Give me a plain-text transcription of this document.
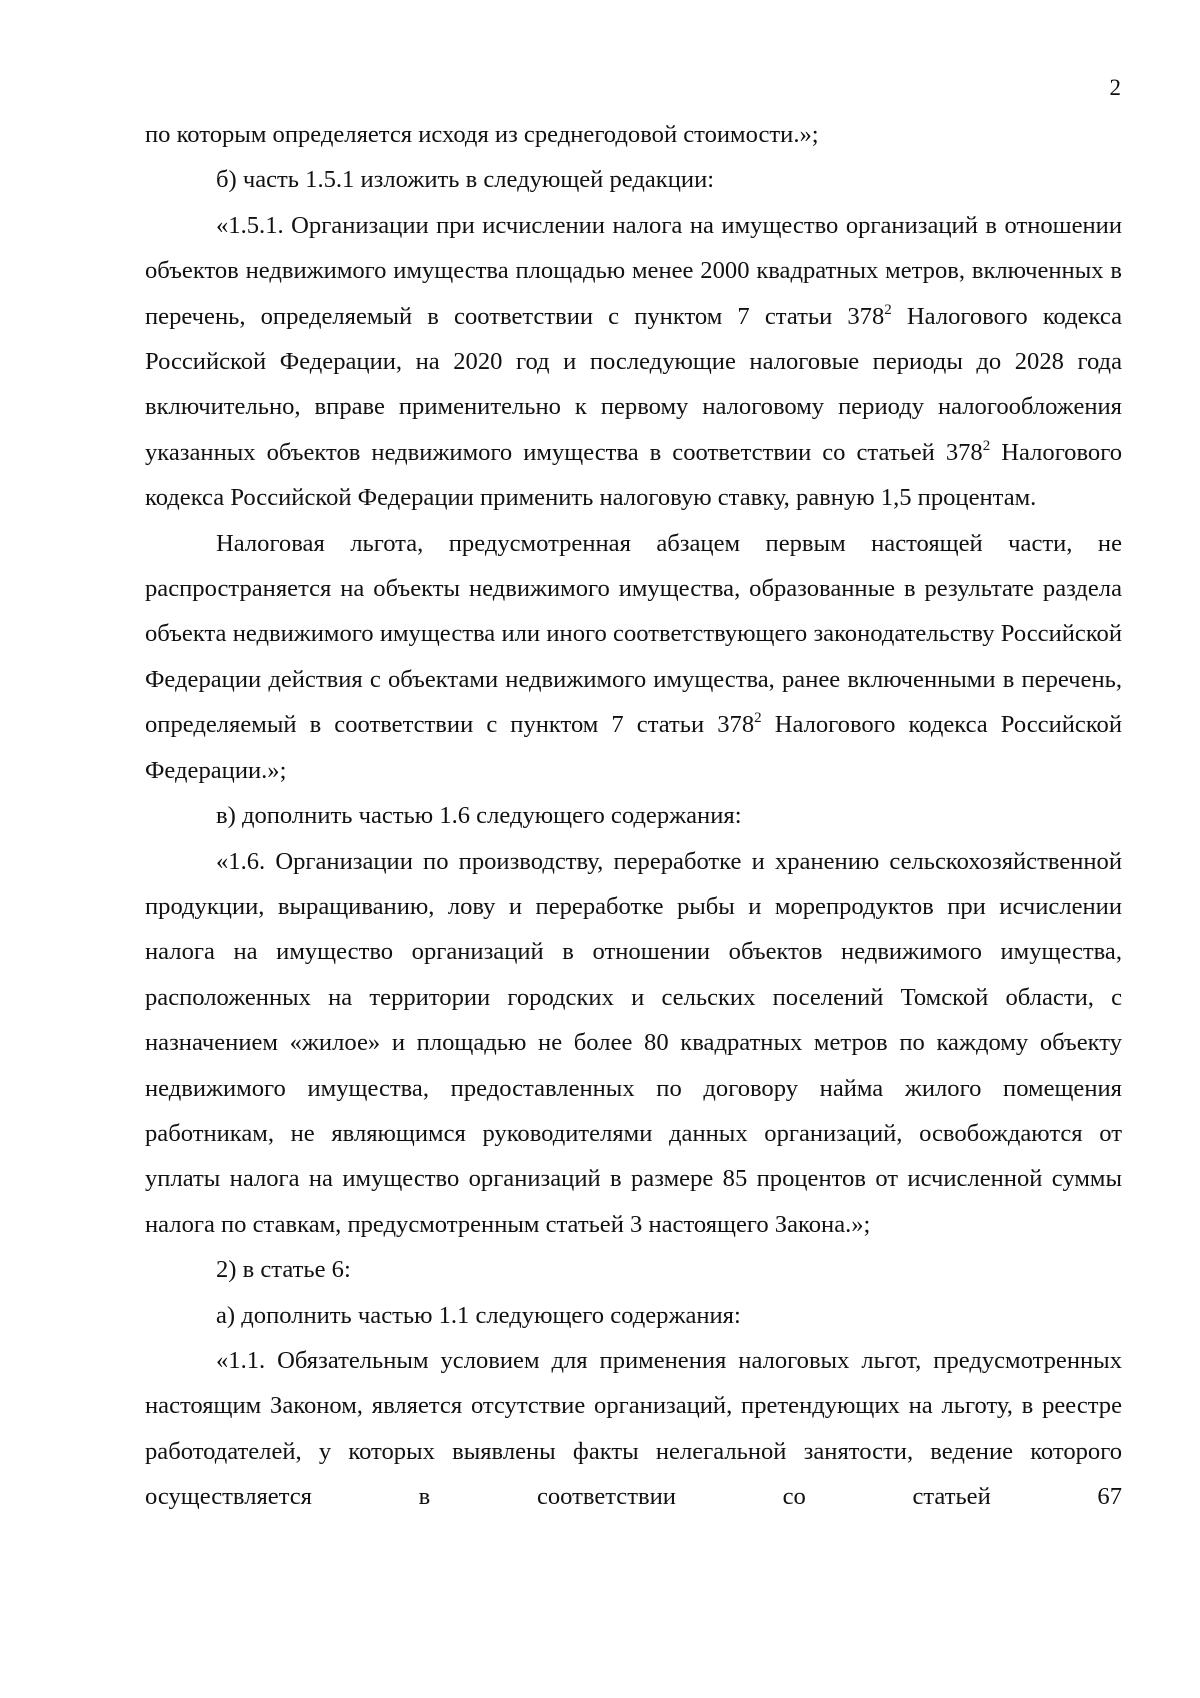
2

по которым определяется исходя из среднегодовой стоимости.»;

б) часть 1.5.1 изложить в следующей редакции:

«1.5.1. Организации при исчислении налога на имущество организаций в отношении объектов недвижимого имущества площадью менее 2000 квадратных метров, включенных в перечень, определяемый в соответствии с пунктом 7 статьи $378^2$ Налогового кодекса Российской Федерации, на 2020 год и последующие налоговые периоды до 2028 года включительно, вправе применительно к первому налоговому периоду налогообложения указанных объектов недвижимого имущества в соответствии со статьей $378^2$ Налогового кодекса Российской Федерации применить налоговую ставку, равную 1,5 процентам.

Налоговая льгота, предусмотренная абзацем первым настоящей части, не распространяется на объекты недвижимого имущества, образованные в результате раздела объекта недвижимого имущества или иного соответствующего законодательству Российской Федерации действия с объектами недвижимого имущества, ранее включенными в перечень, определяемый в соответствии с пунктом 7 статьи $378^2$ Налогового кодекса Российской Федерации.»;

в) дополнить частью 1.6 следующего содержания:

«1.6. Организации по производству, переработке и хранению сельскохозяйственной продукции, выращиванию, лову и переработке рыбы и морепродуктов при исчислении налога на имущество организаций в отношении объектов недвижимого имущества, расположенных на территории городских и сельских поселений Томской области, с назначением «жилое» и площадью не более 80 квадратных метров по каждому объекту недвижимого имущества, предоставленных по договору найма жилого помещения работникам, не являющимся руководителями данных организаций, освобождаются от уплаты налога на имущество организаций в размере 85 процентов от исчисленной суммы налога по ставкам, предусмотренным статьей 3 настоящего Закона.»;

2) в статье 6:

а) дополнить частью 1.1 следующего содержания:

«1.1. Обязательным условием для применения налоговых льгот, предусмотренных настоящим Законом, является отсутствие организаций, претендующих на льготу, в реестре работодателей, у которых выявлены факты нелегальной занятости, ведение которого осуществляется в соответствии со статьей 67
